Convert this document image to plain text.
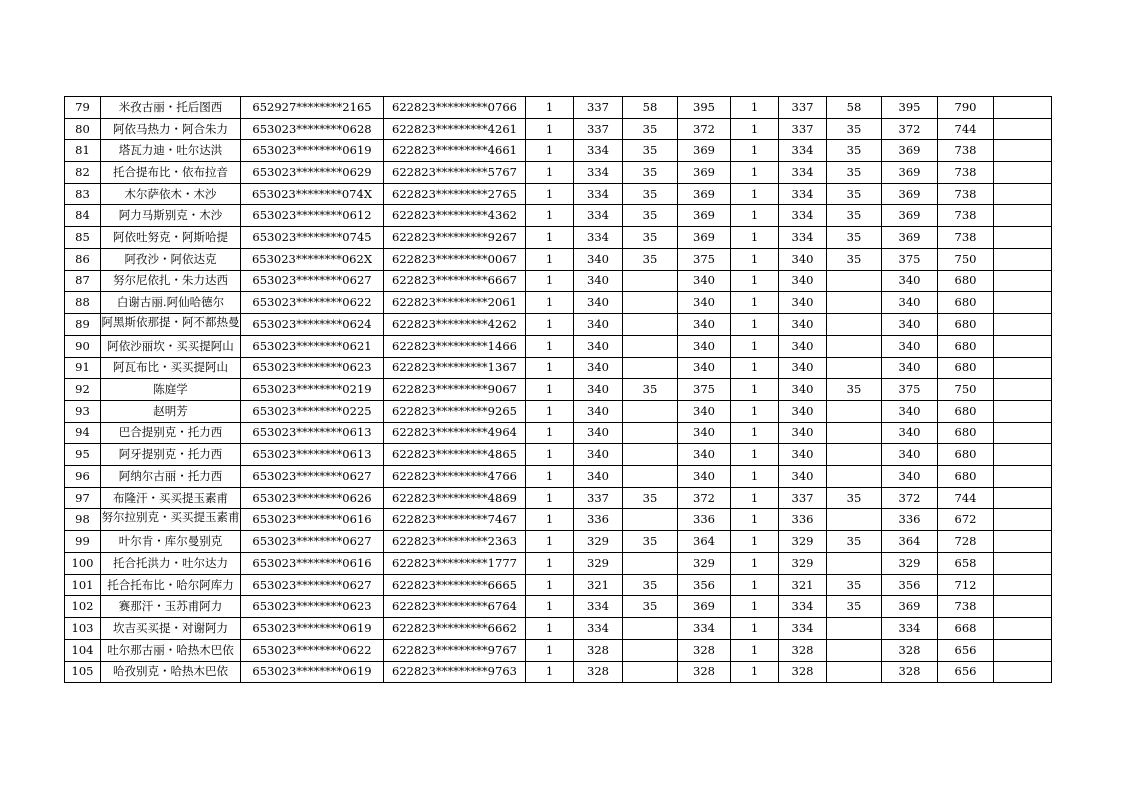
79	米孜古丽・托后图西	652927********2165	622823*********0766	1	337	58	395	1	337	58	395	790	
80	阿依马热力・阿合朱力	653023********0628	622823*********4261	1	337	35	372	1	337	35	372	744	
81	塔瓦力迪・吐尔达洪	653023********0619	622823*********4661	1	334	35	369	1	334	35	369	738	
82	托合提布比・依布拉音	653023********0629	622823*********5767	1	334	35	369	1	334	35	369	738	
83	木尔萨依木・木沙	653023********074X	622823*********2765	1	334	35	369	1	334	35	369	738	
84	阿力马斯别克・木沙	653023********0612	622823*********4362	1	334	35	369	1	334	35	369	738	
85	阿依吐努克・阿斯哈提	653023********0745	622823*********9267	1	334	35	369	1	334	35	369	738	
86	阿孜沙・阿依达克	653023********062X	622823*********0067	1	340	35	375	1	340	35	375	750	
87	努尔尼依扎・朱力达西	653023********0627	622823*********6667	1	340		340	1	340		340	680	
88	白谢古丽.阿仙哈德尔	653023********0622	622823*********2061	1	340		340	1	340		340	680	
89	阿黑斯依那提・阿不都热曼	653023********0624	622823*********4262	1	340		340	1	340		340	680	
90	阿依沙丽坎・买买提阿山	653023********0621	622823*********1466	1	340		340	1	340		340	680	
91	阿瓦布比・买买提阿山	653023********0623	622823*********1367	1	340		340	1	340		340	680	
92	陈庭学	653023********0219	622823*********9067	1	340	35	375	1	340	35	375	750	
93	赵明芳	653023********0225	622823*********9265	1	340		340	1	340		340	680	
94	巴合提别克・托力西	653023********0613	622823*********4964	1	340		340	1	340		340	680	
95	阿牙提别克・托力西	653023********0613	622823*********4865	1	340		340	1	340		340	680	
96	阿纳尔古丽・托力西	653023********0627	622823*********4766	1	340		340	1	340		340	680	
97	布隆汗・买买提玉素甫	653023********0626	622823*********4869	1	337	35	372	1	337	35	372	744	
98	努尔拉别克・买买提玉素甫	653023********0616	622823*********7467	1	336		336	1	336		336	672	
99	叶尔肯・库尔曼别克	653023********0627	622823*********2363	1	329	35	364	1	329	35	364	728	
100	托合托洪力・吐尔达力	653023********0616	622823*********1777	1	329		329	1	329		329	658	
101	托合托布比・哈尔阿库力	653023********0627	622823*********6665	1	321	35	356	1	321	35	356	712	
102	赛那汗・玉苏甫阿力	653023********0623	622823*********6764	1	334	35	369	1	334	35	369	738	
103	坎吉买买提・对谢阿力	653023********0619	622823*********6662	1	334		334	1	334		334	668	
104	吐尔那古丽・哈热木巴依	653023********0622	622823*********9767	1	328		328	1	328		328	656	
105	哈孜别克・哈热木巴依	653023********0619	622823*********9763	1	328		328	1	328		328	656	
